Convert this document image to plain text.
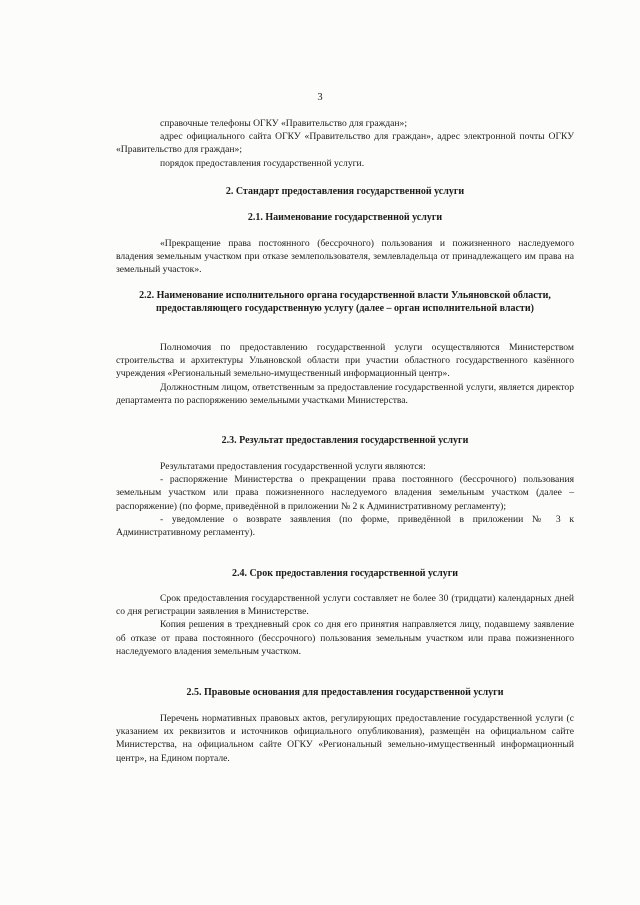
3

справочные телефоны ОГКУ «Правительство для граждан»;

адрес официального сайта ОГКУ «Правительство для граждан», адрес электронной почты ОГКУ «Правительство для граждан»;

порядок предоставления государственной услуги.

2. Стандарт предоставления государственной услуги
2.1. Наименование государственной услуги

«Прекращение права постоянного (бессрочного) пользования и пожизненного наследуемого владения земельным участком при отказе землепользователя, землевладельца от принадлежащего им права на земельный участок».

2.2. Наименование исполнительного органа государственной власти Ульяновской области, предоставляющего государственную услугу (далее – орган исполнительной власти)

Полномочия по предоставлению государственной услуги осуществляются Министерством строительства и архитектуры Ульяновской области при участии областного государственного казённого учреждения «Региональный земельно-имущественный информационный центр».

Должностным лицом, ответственным за предоставление государственной услуги, является директор департамента по распоряжению земельными участками Министерства.

2.3. Результат предоставления государственной услуги

Результатами предоставления государственной услуги являются:

- распоряжение Министерства о прекращении права постоянного (бессрочного) пользования земельным участком или права пожизненного наследуемого владения земельным участком (далее – распоряжение) (по форме, приведённой в приложении № 2 к Административному регламенту);

- уведомление о возврате заявления (по форме, приведённой в приложении № 3 к Административному регламенту).

2.4. Срок предоставления государственной услуги

Срок предоставления государственной услуги составляет не более 30 (тридцати) календарных дней со дня регистрации заявления в Министерстве.

Копия решения в трехдневный срок со дня его принятия направляется лицу, подавшему заявление об отказе от права постоянного (бессрочного) пользования земельным участком или права пожизненного наследуемого владения земельным участком.

2.5. Правовые основания для предоставления государственной услуги

Перечень нормативных правовых актов, регулирующих предоставление государственной услуги (с указанием их реквизитов и источников официального опубликования), размещён на официальном сайте Министерства, на официальном сайте ОГКУ «Региональный земельно-имущественный информационный центр», на Едином портале.
